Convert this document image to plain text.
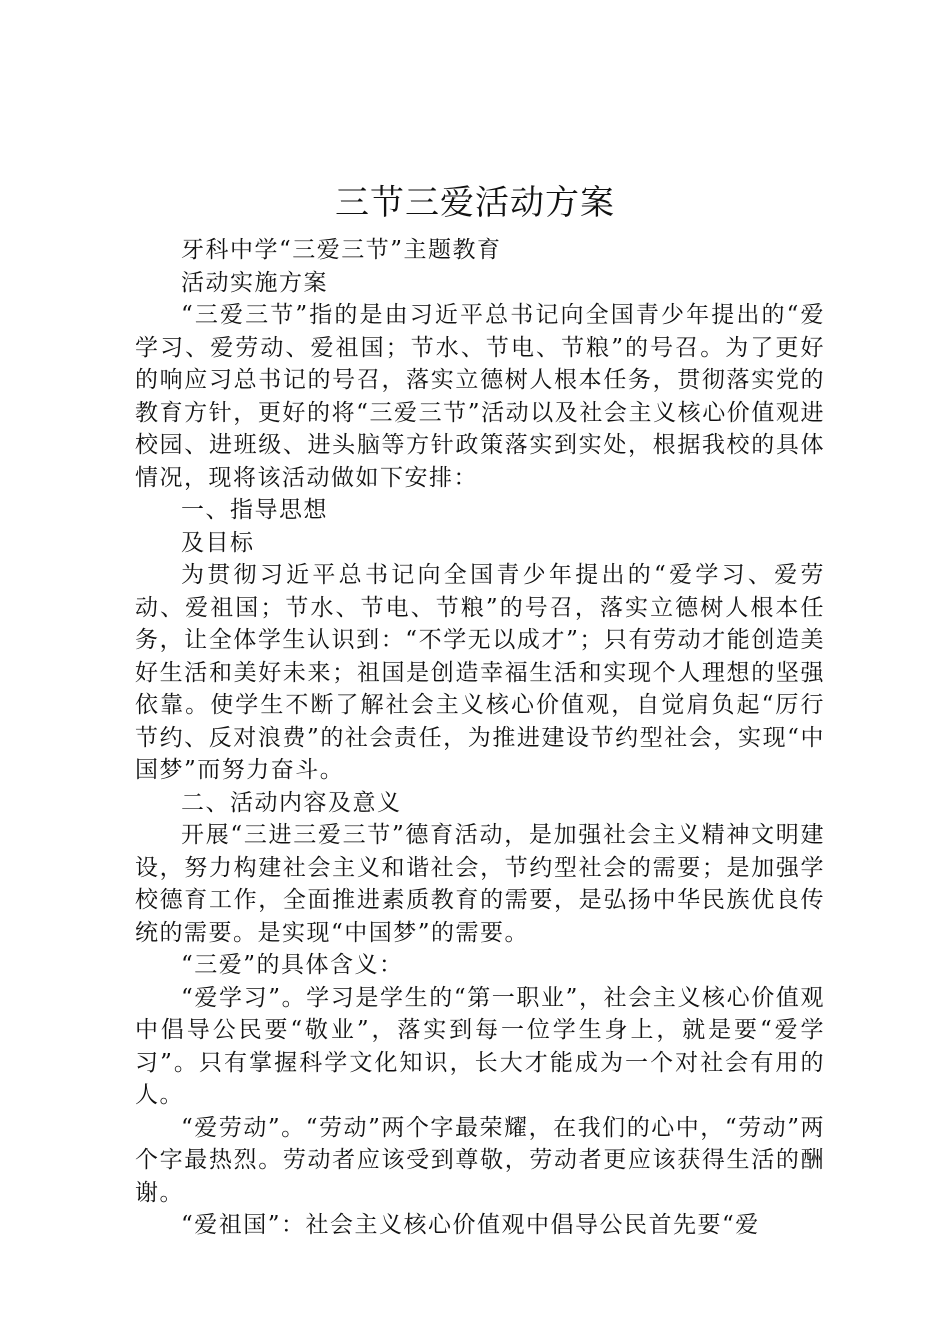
三节三爱活动方案

牙科中学“三爱三节”主题教育

活动实施方案

“三爱三节”指的是由习近平总书记向全国青少年提出的“爱学习、爱劳动、爱祖国；节水、节电、节粮”的号召。为了更好的响应习总书记的号召，落实立德树人根本任务，贯彻落实党的教育方针，更好的将“三爱三节”活动以及社会主义核心价值观进校园、进班级、进头脑等方针政策落实到实处，根据我校的具体情况，现将该活动做如下安排：

一、指导思想

及目标

为贯彻习近平总书记向全国青少年提出的“爱学习、爱劳动、爱祖国；节水、节电、节粮”的号召，落实立德树人根本任务，让全体学生认识到：“不学无以成才”；只有劳动才能创造美好生活和美好未来；祖国是创造幸福生活和实现个人理想的坚强依靠。使学生不断了解社会主义核心价值观，自觉肩负起“厉行节约、反对浪费”的社会责任，为推进建设节约型社会，实现“中国梦”而努力奋斗。

二、活动内容及意义

开展“三进三爱三节”德育活动，是加强社会主义精神文明建设，努力构建社会主义和谐社会，节约型社会的需要；是加强学校德育工作，全面推进素质教育的需要，是弘扬中华民族优良传统的需要。是实现“中国梦”的需要。

“三爱”的具体含义：

“爱学习”。学习是学生的“第一职业”，社会主义核心价值观中倡导公民要“敬业”，落实到每一位学生身上，就是要“爱学习”。只有掌握科学文化知识，长大才能成为一个对社会有用的人。

“爱劳动”。“劳动”两个字最荣耀，在我们的心中，“劳动”两个字最热烈。劳动者应该受到尊敬，劳动者更应该获得生活的酬谢。

“爱祖国”：社会主义核心价值观中倡导公民首先要“爱
